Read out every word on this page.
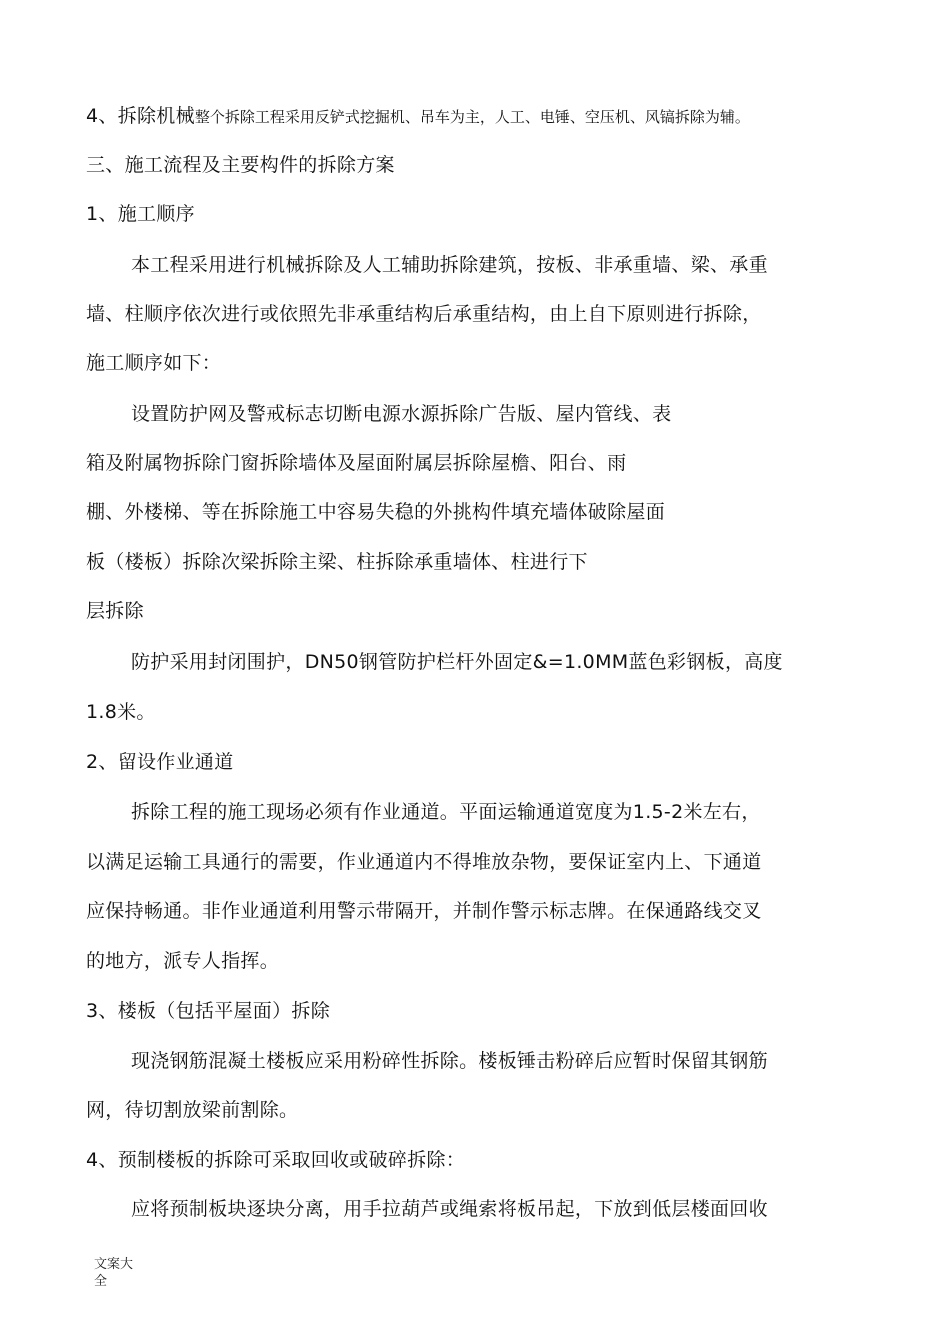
4、拆除机械整个拆除工程采用反铲式挖掘机、吊车为主，人工、电锤、空压机、风镐拆除为辅。
三、施工流程及主要构件的拆除方案
1、施工顺序
本工程采用进行机械拆除及人工辅助拆除建筑，按板、非承重墙、梁、承重
墙、柱顺序依次进行或依照先非承重结构后承重结构，由上自下原则进行拆除，
施工顺序如下：
设置防护网及警戒标志切断电源水源拆除广告版、屋内管线、表
箱及附属物拆除门窗拆除墙体及屋面附属层拆除屋檐、阳台、雨
棚、外楼梯、等在拆除施工中容易失稳的外挑构件填充墙体破除屋面
板（楼板）拆除次梁拆除主梁、柱拆除承重墙体、柱进行下
层拆除
防护采用封闭围护，DN50钢管防护栏杆外固定&=1.0MM蓝色彩钢板，高度
1.8米。
2、留设作业通道
拆除工程的施工现场必须有作业通道。平面运输通道宽度为1.5-2米左右，
以满足运输工具通行的需要，作业通道内不得堆放杂物，要保证室内上、下通道
应保持畅通。非作业通道利用警示带隔开，并制作警示标志牌。在保通路线交叉
的地方，派专人指挥。
3、楼板（包括平屋面）拆除
现浇钢筋混凝土楼板应采用粉碎性拆除。楼板锤击粉碎后应暂时保留其钢筋
网，待切割放梁前割除。
4、预制楼板的拆除可采取回收或破碎拆除：
应将预制板块逐块分离，用手拉葫芦或绳索将板吊起，下放到低层楼面回收
文案大
全
